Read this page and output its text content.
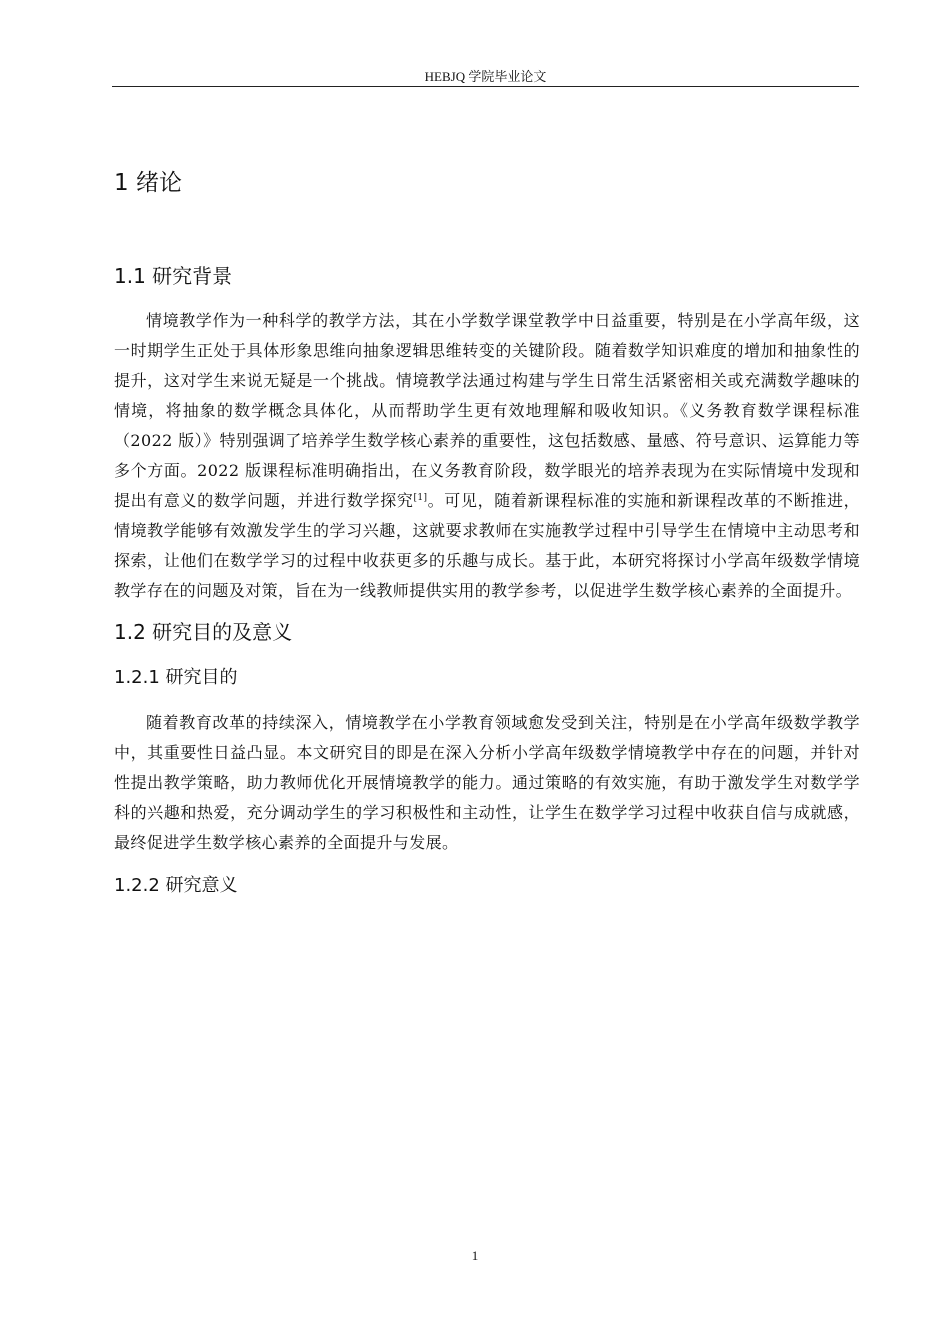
HEBJQ 学院毕业论文
1 绪论
1.1 研究背景

情境教学作为一种科学的教学方法，其在小学数学课堂教学中日益重要，特别是在小学高年级，这一时期学生正处于具体形象思维向抽象逻辑思维转变的关键阶段。随着数学知识难度的增加和抽象性的提升，这对学生来说无疑是一个挑战。情境教学法通过构建与学生日常生活紧密相关或充满数学趣味的情境，将抽象的数学概念具体化，从而帮助学生更有效地理解和吸收知识。《义务教育数学课程标准（2022 版）》特别强调了培养学生数学核心素养的重要性，这包括数感、量感、符号意识、运算能力等多个方面。2022 版课程标准明确指出，在义务教育阶段，数学眼光的培养表现为在实际情境中发现和提出有意义的数学问题，并进行数学探究[1]。可见，随着新课程标准的实施和新课程改革的不断推进，情境教学能够有效激发学生的学习兴趣，这就要求教师在实施教学过程中引导学生在情境中主动思考和探索，让他们在数学学习的过程中收获更多的乐趣与成长。基于此，本研究将探讨小学高年级数学情境教学存在的问题及对策，旨在为一线教师提供实用的教学参考，以促进学生数学核心素养的全面提升。

1.2 研究目的及意义
1.2.1 研究目的

随着教育改革的持续深入，情境教学在小学教育领域愈发受到关注，特别是在小学高年级数学教学中，其重要性日益凸显。本文研究目的即是在深入分析小学高年级数学情境教学中存在的问题，并针对性提出教学策略，助力教师优化开展情境教学的能力。通过策略的有效实施，有助于激发学生对数学学科的兴趣和热爱，充分调动学生的学习积极性和主动性，让学生在数学学习过程中收获自信与成就感，最终促进学生数学核心素养的全面提升与发展。

1.2.2 研究意义
1
